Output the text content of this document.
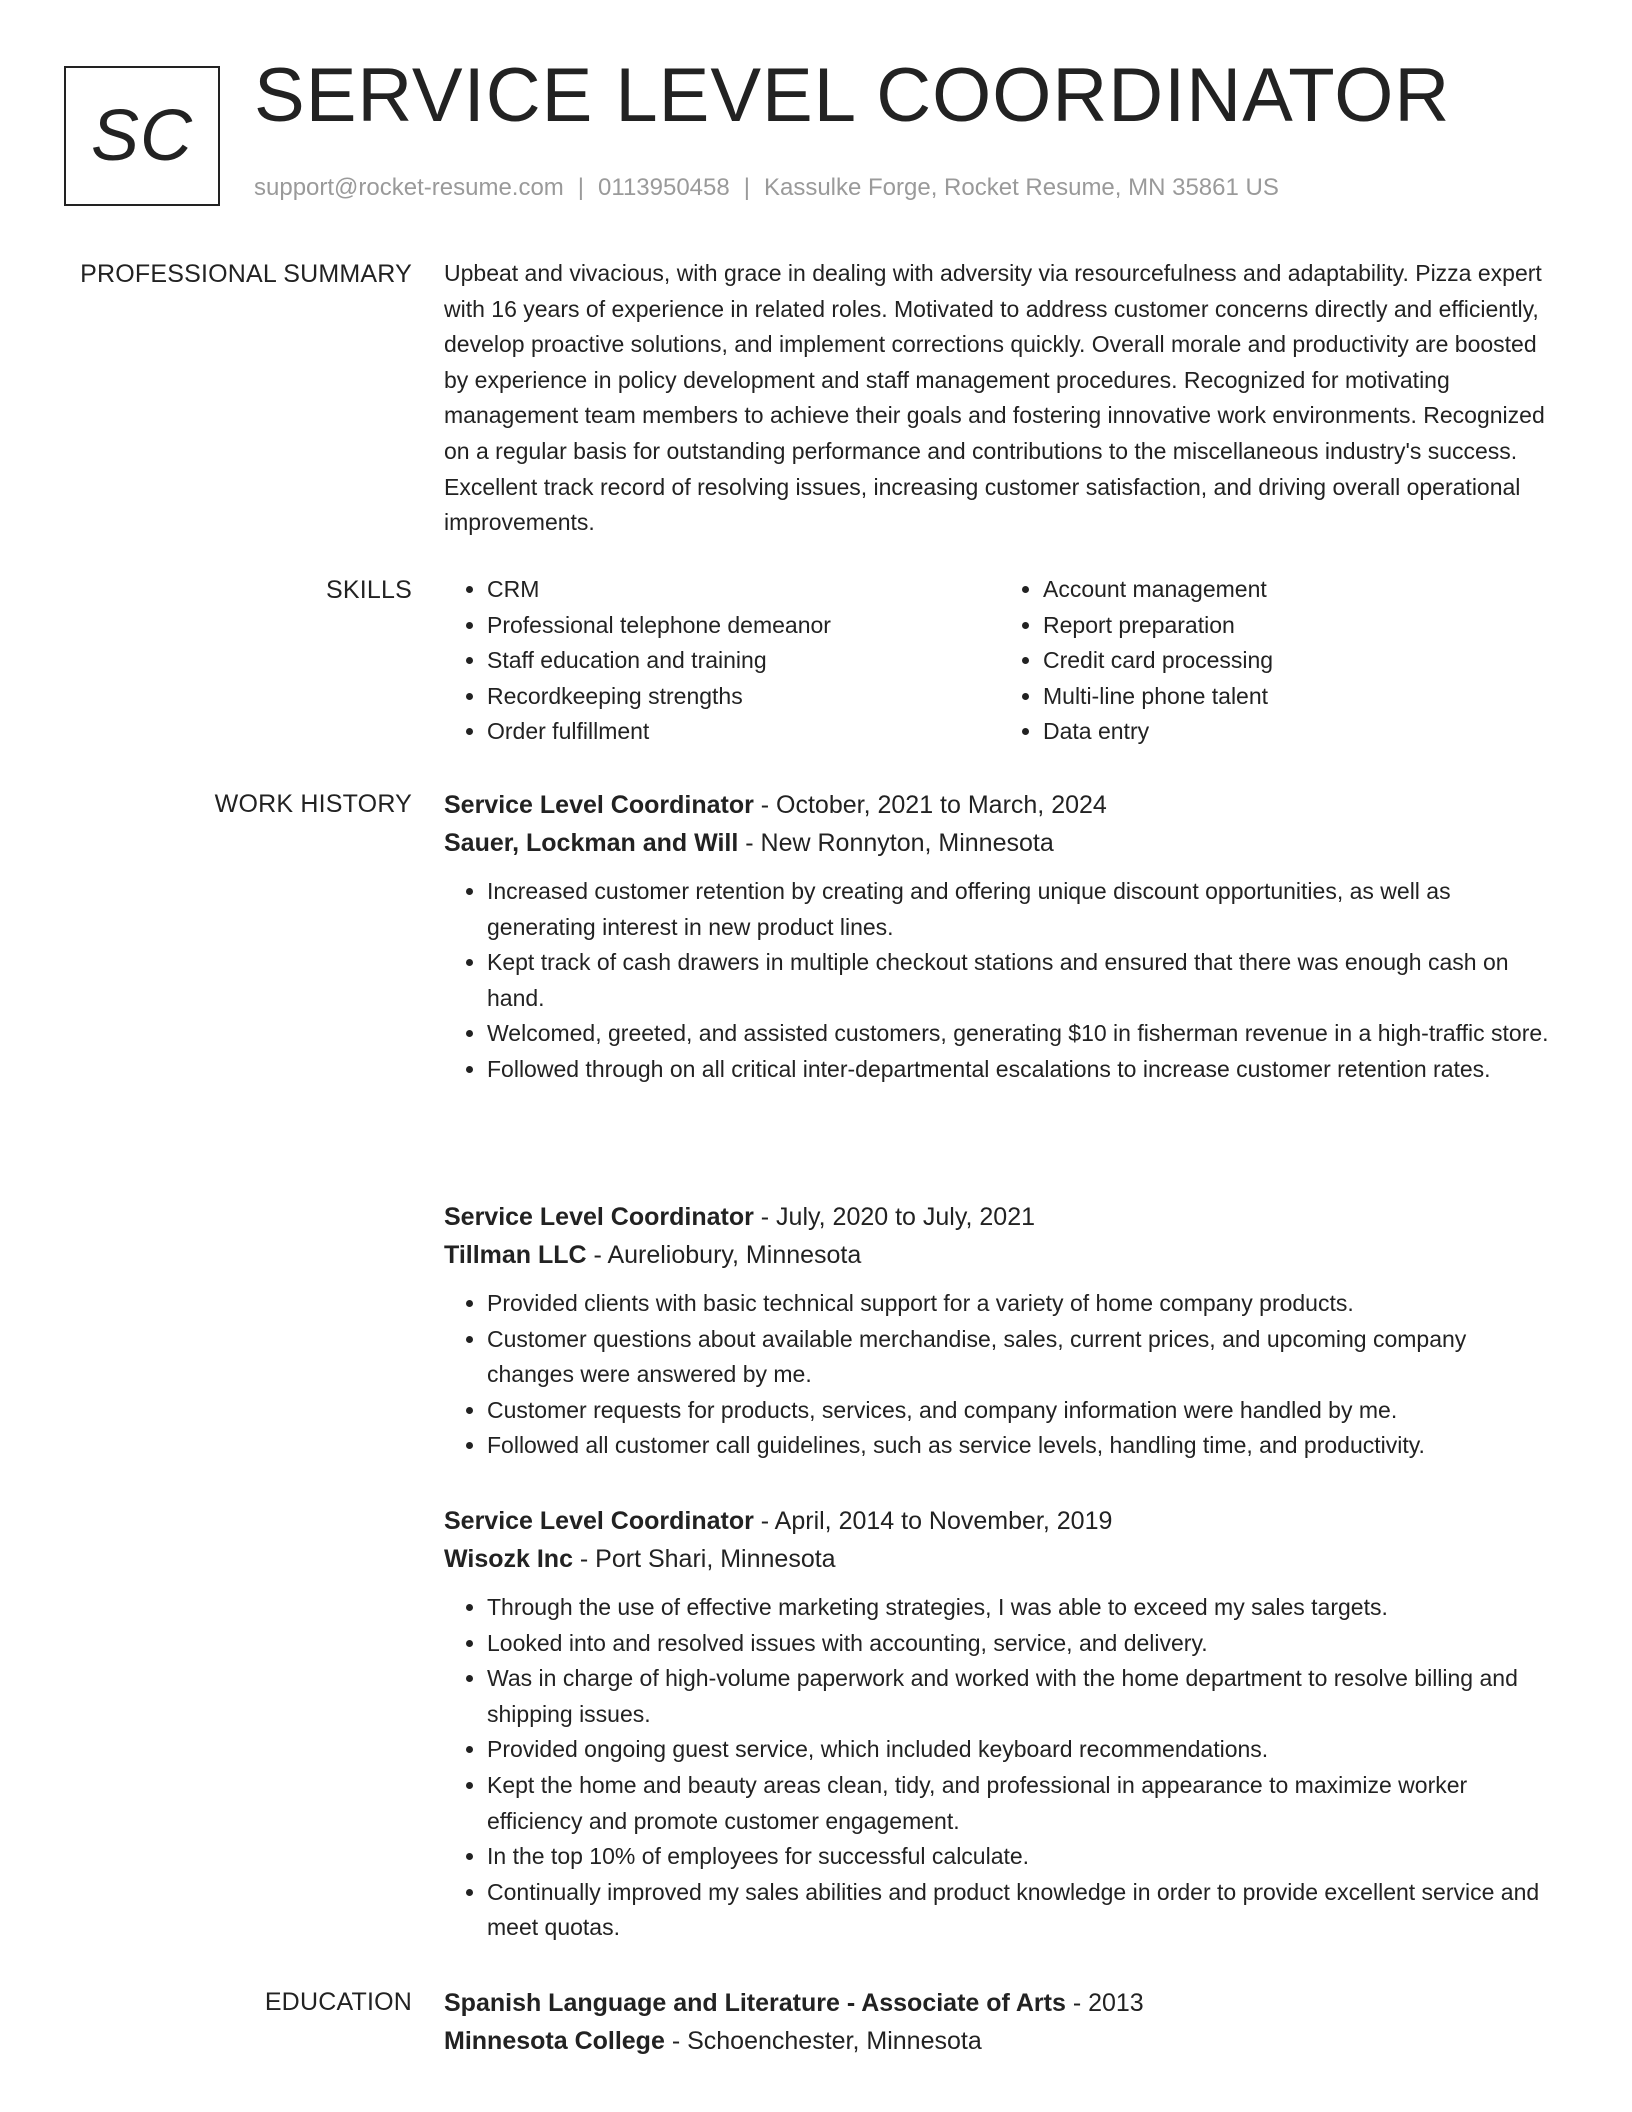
SC SERVICE LEVEL COORDINATOR
support@rocket-resume.com | 0113950458 | Kassulke Forge, Rocket Resume, MN 35861 US
PROFESSIONAL SUMMARY Upbeat and vivacious, with grace in dealing with adversity via resourcefulness and adaptability. Pizza expert with 16 years of experience in related roles. Motivated to address customer concerns directly and efficiently, develop proactive solutions, and implement corrections quickly. Overall morale and productivity are boosted by experience in policy development and staff management procedures. Recognized for motivating management team members to achieve their goals and fostering innovative work environments. Recognized on a regular basis for outstanding performance and contributions to the miscellaneous industry's success. Excellent track record of resolving issues, increasing customer satisfaction, and driving overall operational improvements.
SKILLS
•	CRM
• Professional telephone demeanor
• Staff education and training
• Recordkeeping strengths
• Order fulfillment
• Account management
• Report preparation
• Credit card processing
• Multi-line phone talent
• Data entry
WORK HISTORY Service Level Coordinator - October, 2021 to March, 2024
Sauer, Lockman and Will - New Ronnyton, Minnesota
• Increased customer retention by creating and offering unique discount opportunities, as well as generating interest in new product lines.
• Kept track of cash drawers in multiple checkout stations and ensured that there was enough cash on hand.
• Welcomed, greeted, and assisted customers, generating $10 in fisherman revenue in a high-traffic store.
• Followed through on all critical inter-departmental escalations to increase customer retention rates.
Service Level Coordinator - July, 2020 to July, 2021
Tillman LLC - Aureliobury, Minnesota
• Provided clients with basic technical support for a variety of home company products.
• Customer questions about available merchandise, sales, current prices, and upcoming company changes were answered by me.
• Customer requests for products, services, and company information were handled by me.
• Followed all customer call guidelines, such as service levels, handling time, and productivity.
Service Level Coordinator - April, 2014 to November, 2019
Wisozk Inc - Port Shari, Minnesota
• Through the use of effective marketing strategies, I was able to exceed my sales targets.
• Looked into and resolved issues with accounting, service, and delivery.
• Was in charge of high-volume paperwork and worked with the home department to resolve billing and shipping issues.
• Provided ongoing guest service, which included keyboard recommendations.
• Kept the home and beauty areas clean, tidy, and professional in appearance to maximize worker efficiency and promote customer engagement.
• In the top 10% of employees for successful calculate.
• Continually improved my sales abilities and product knowledge in order to provide excellent service and meet quotas.
EDUCATION Spanish Language and Literature - Associate of Arts - 2013
Minnesota College - Schoenchester, Minnesota
